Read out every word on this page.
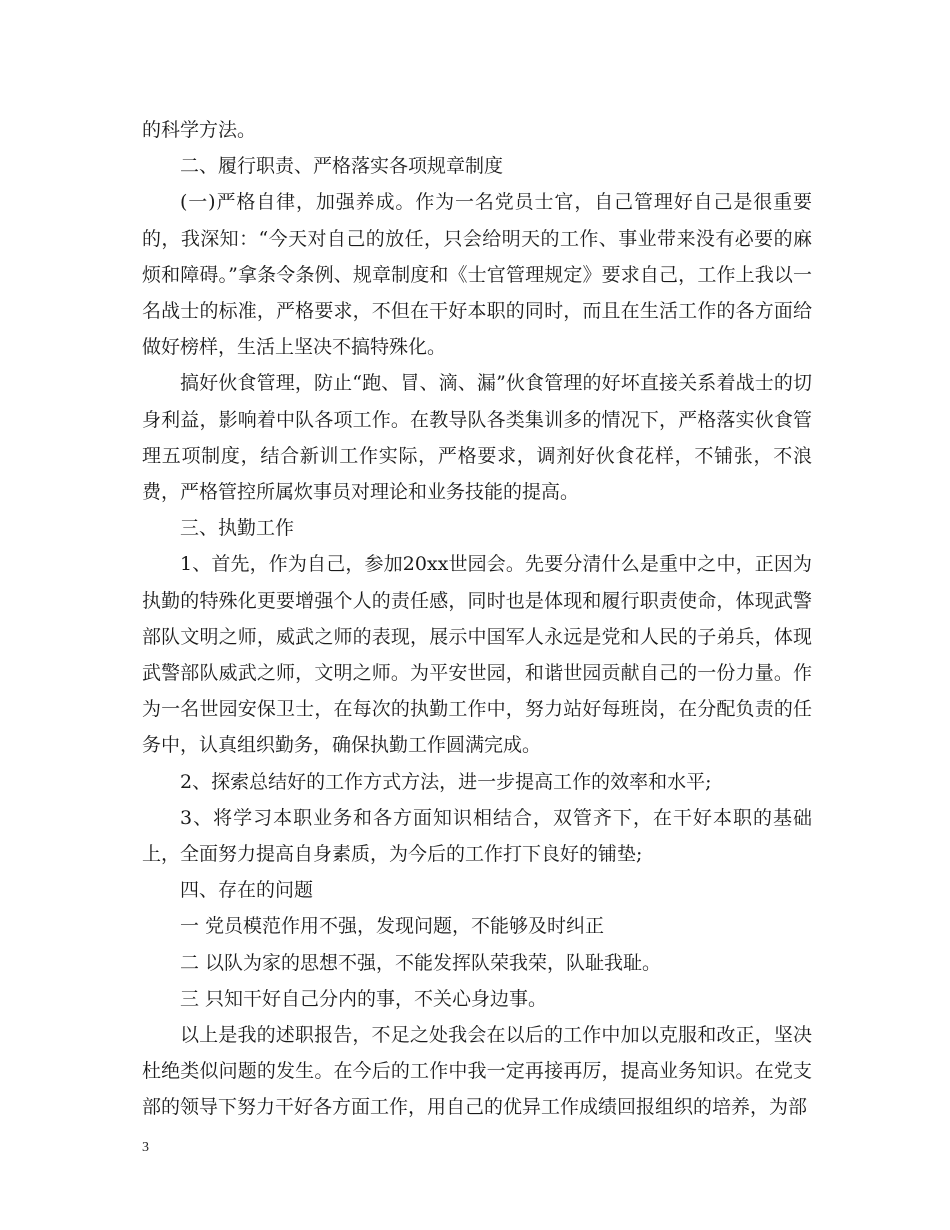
的科学方法。

二、履行职责、严格落实各项规章制度

(一)严格自律，加强养成。作为一名党员士官，自己管理好自己是很重要的，我深知：“今天对自己的放任，只会给明天的工作、事业带来没有必要的麻烦和障碍。”拿条令条例、规章制度和《士官管理规定》要求自己，工作上我以一名战士的标准，严格要求，不但在干好本职的同时，而且在生活工作的各方面给做好榜样，生活上坚决不搞特殊化。

搞好伙食管理，防止“跑、冒、滴、漏”伙食管理的好坏直接关系着战士的切身利益，影响着中队各项工作。在教导队各类集训多的情况下，严格落实伙食管理五项制度，结合新训工作实际，严格要求，调剂好伙食花样，不铺张，不浪费，严格管控所属炊事员对理论和业务技能的提高。

三、执勤工作

1、首先，作为自己，参加20xx世园会。先要分清什么是重中之中，正因为执勤的特殊化更要增强个人的责任感，同时也是体现和履行职责使命，体现武警部队文明之师，威武之师的表现，展示中国军人永远是党和人民的子弟兵，体现武警部队威武之师，文明之师。为平安世园，和谐世园贡献自己的一份力量。作为一名世园安保卫士，在每次的执勤工作中，努力站好每班岗，在分配负责的任务中，认真组织勤务，确保执勤工作圆满完成。

2、探索总结好的工作方式方法，进一步提高工作的效率和水平;

3、将学习本职业务和各方面知识相结合，双管齐下，在干好本职的基础上，全面努力提高自身素质，为今后的工作打下良好的铺垫;

四、存在的问题

一 党员模范作用不强，发现问题，不能够及时纠正

二 以队为家的思想不强，不能发挥队荣我荣，队耻我耻。

三 只知干好自己分内的事，不关心身边事。

以上是我的述职报告，不足之处我会在以后的工作中加以克服和改正，坚决杜绝类似问题的发生。在今后的工作中我一定再接再厉，提高业务知识。在党支部的领导下努力干好各方面工作，用自己的优异工作成绩回报组织的培养，为部

3
